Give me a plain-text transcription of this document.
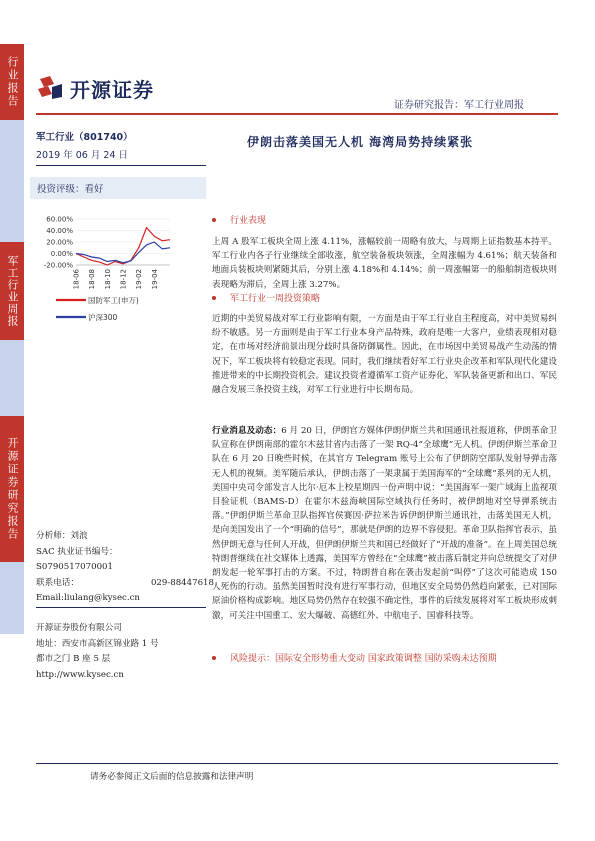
行业报告
军工行业周报
开源证券研究报告
开源证券
证券研究报告：军工行业周报
军工行业（801740）
2019 年 06 月 24 日
伊朗击落美国无人机 海湾局势持续紧张
投资评级：看好
60.00%
40.00%
20.00%
0.00%
-20.00%
18-06 18-08 18-10 18-12 19-02 19-04
国防军工(申万)
沪深300
分析师：刘浪
SAC 执业证书编号：
S0790517070001
联系电话：	029-88447618
Email: liulang@kysec.cn
开源证券股份有限公司
地址：西安市高新区锦业路 1 号
都市之门 B 座 5 层
http://www.kysec.cn
行业表现
上周 A 股军工板块全周上涨 4.11%，涨幅较前一周略有放大，与周期上证指数基本持平。军工行业内各子行业继续全部收涨，航空装备板块领涨，全周涨幅为 4.61%；航天装备和地面兵装板块则紧随其后，分别上涨 4.18%和 4.14%；前一周涨幅第一的船舶制造板块则表现略为滞后，全周上涨 3.27%。
军工行业一周投资策略
近期的中美贸易战对军工行业影响有限，一方面是由于军工行业自主程度高，对中美贸易纠纷不敏感。另一方面则是由于军工行业本身产品特殊，政府是唯一大客户，业绩表现相对稳定，在市场对经济前景出现分歧时具备防御属性。因此，在市场因中美贸易战产生动荡的情况下，军工板块将有较稳定表现。同时，我们继续看好军工行业央企改革和军队现代化建设推进带来的中长期投资机会。建议投资者遵循军工资产证券化、军队装备更新和出口、军民融合发展三条投资主线，对军工行业进行中长期布局。
行业消息及动态：6 月 20 日，伊朗官方媒体伊朗伊斯兰共和国通讯社报道称，伊朗革命卫队宣称在伊朗南部的霍尔木兹甘省内击落了一架 RQ-4“全球鹰”无人机。伊朗伊斯兰革命卫队在 6 月 20 日晚些时候，在其官方 Telegram 账号上公布了伊朗防空部队发射导弹击落无人机的视频。美军随后承认，伊朗击落了一架隶属于美国海军的“全球鹰”系列的无人机，美国中央司令部发言人比尔·厄本上校星期四一份声明中说：“美国海军一架广域海上监视项目验证机（BAMS-D）在霍尔木兹海峡国际空域执行任务时，被伊朗地对空导弹系统击落。”伊朗伊斯兰革命卫队指挥官侯赛因·萨拉米告诉伊朗伊斯兰通讯社，击落美国无人机，是向美国发出了一个“明确的信号”，那就是伊朗的边界不容侵犯。革命卫队指挥官表示，虽然伊朗无意与任何人开战，但伊朗伊斯兰共和国已经做好了“开战的准备”。在上周美国总统特朗普继续在社交媒体上透露，美国军方曾经在“全球鹰”被击落后制定并向总统提交了对伊朗发起一轮军事打击的方案。不过，特朗普自称在袭击发起前“叫停”了这次可能造成 150 人死伤的行动。虽然美国暂时没有进行军事行动，但地区安全局势仍然趋向紧张，已对国际原油价格构成影响。地区局势仍然存在较强不确定性，事件的后续发展将对军工板块形成刺激，可关注中国重工、宏大爆破、高德红外、中航电子、国睿科技等。
风险提示：国际安全形势重大变动 国家政策调整 国防采购未达预期
请务必参阅正文后面的信息披露和法律声明
